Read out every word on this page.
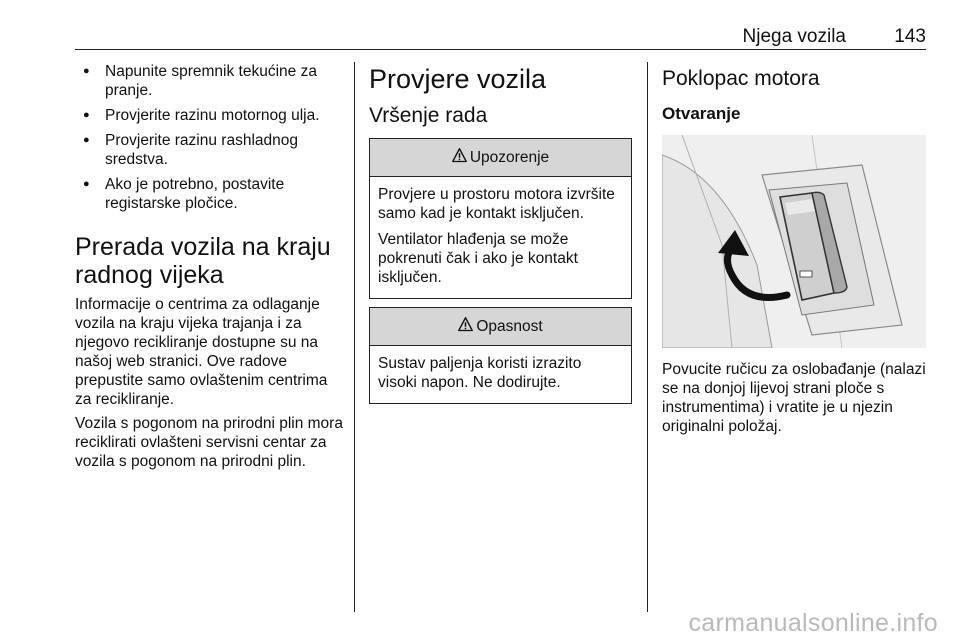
Njega vozila	143
● Napunite spremnik tekućine za pranje.
● Provjerite razinu motornog ulja.
● Provjerite razinu rashladnog sredstva.
● Ako je potrebno, postavite registarske pločice.
Prerada vozila na kraju radnog vijeka

Informacije o centrima za odlaganje vozila na kraju vijeka trajanja i za njegovo recikliranje dostupne su na našoj web stranici. Ove radove prepustite samo ovlaštenim centrima za recikliranje.

Vozila s pogonom na prirodni plin mora reciklirati ovlašteni servisni centar za vozila s pogonom na prirodni plin.

Provjere vozila
Vršenje rada
Upozorenje

Provjere u prostoru motora izvršite samo kad je kontakt isključen.

Ventilator hlađenja se može pokrenuti čak i ako je kontakt isključen.

Opasnost

Sustav paljenja koristi izrazito visoki napon. Ne dodirujte.

Poklopac motora
Otvaranje

Povucite ručicu za oslobađanje (nalazi se na donjoj lijevoj strani ploče s instrumentima) i vratite je u njezin originalni položaj.

carmanualsonline.info
